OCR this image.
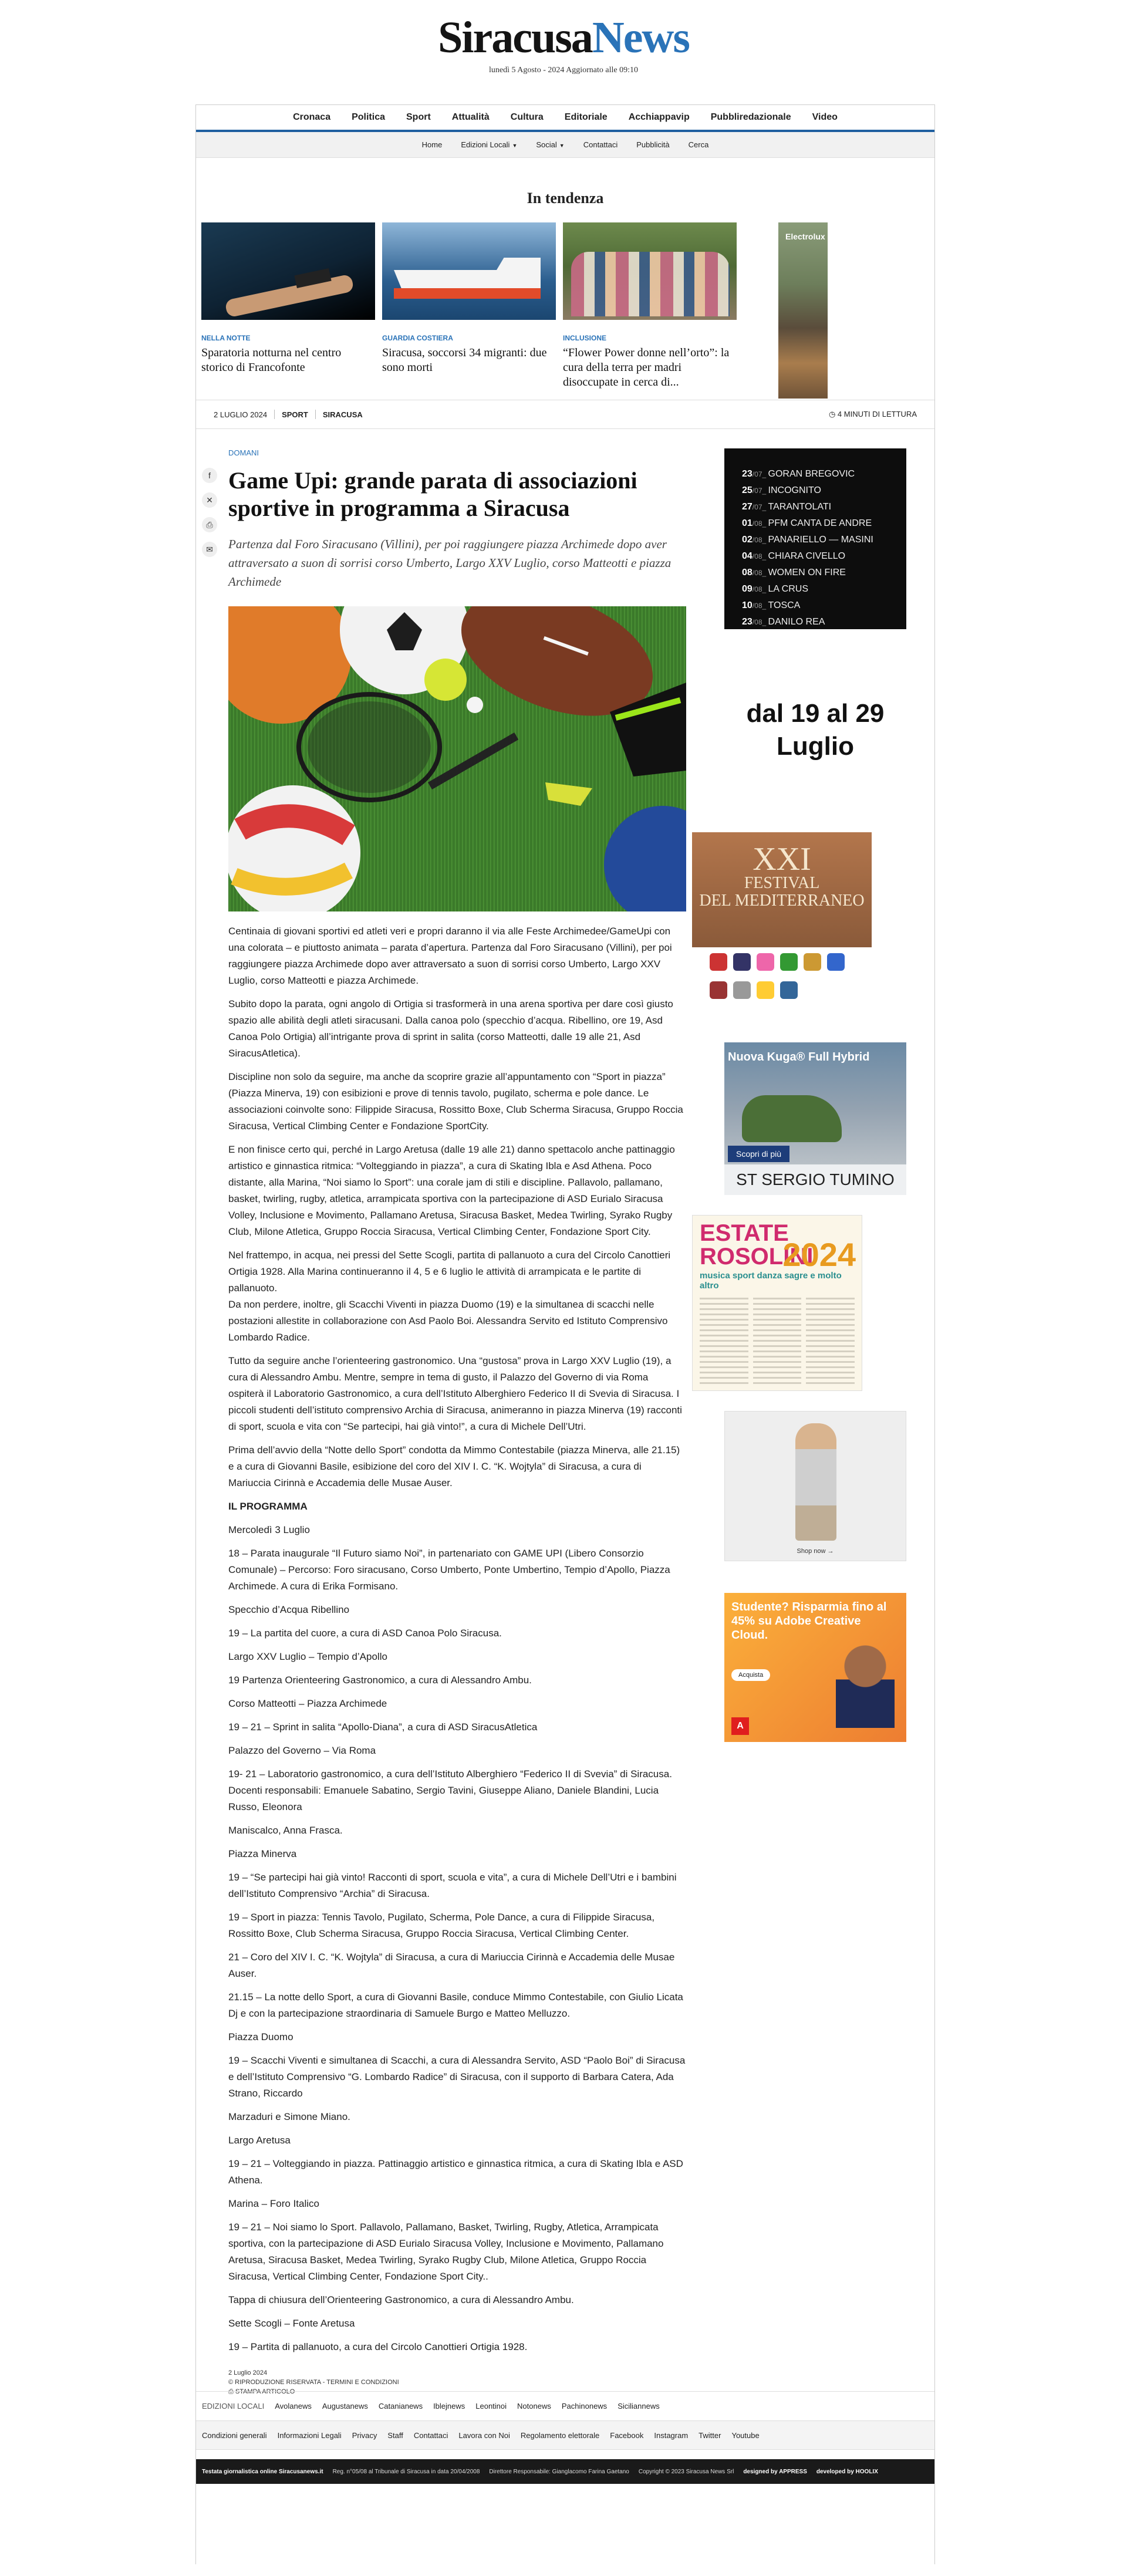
SiracusaNews
lunedì 5 Agosto - 2024 Aggiornato alle 09:10
Cronaca Politica Sport Attualità Cultura Editoriale Acchiappavip Pubbliredazionale Video
Home Edizioni Locali ▼ Social ▼ Contattaci Pubblicità Cerca
In tendenza
NELLA NOTTE
Sparatoria notturna nel centro storico di Francofonte
GUARDIA COSTIERA
Siracusa, soccorsi 34 migranti: due sono morti
INCLUSIONE
“Flower Power donne nell’orto”: la cura della terra per madri disoccupate in cerca di...
Electrolux
2 LUGLIO 2024 SPORT SIRACUSA	◷ 4 MINUTI DI LETTURA
f
✕
⎙
✉
DOMANI
Game Upi: grande parata di associazioni sportive in programma a Siracusa
Partenza dal Foro Siracusano (Villini), per poi raggiungere piazza Archimede dopo aver attraversato a suon di sorrisi corso Umberto, Largo XXV Luglio, corso Matteotti e piazza Archimede

Centinaia di giovani sportivi ed atleti veri e propri daranno il via alle Feste Archimedee/GameUpi con una colorata – e piuttosto animata – parata d’apertura. Partenza dal Foro Siracusano (Villini), per poi raggiungere piazza Archimede dopo aver attraversato a suon di sorrisi corso Umberto, Largo XXV Luglio, corso Matteotti e piazza Archimede.

Subito dopo la parata, ogni angolo di Ortigia si trasformerà in una arena sportiva per dare così giusto spazio alle abilità degli atleti siracusani. Dalla canoa polo (specchio d’acqua. Ribellino, ore 19, Asd Canoa Polo Ortigia) all’intrigante prova di sprint in salita (corso Matteotti, dalle 19 alle 21, Asd SiracusAtletica).

Discipline non solo da seguire, ma anche da scoprire grazie all’appuntamento con “Sport in piazza” (Piazza Minerva, 19) con esibizioni e prove di tennis tavolo, pugilato, scherma e pole dance. Le associazioni coinvolte sono: Filippide Siracusa, Rossitto Boxe, Club Scherma Siracusa, Gruppo Roccia Siracusa, Vertical Climbing Center e Fondazione SportCity.

E non finisce certo qui, perché in Largo Aretusa (dalle 19 alle 21) danno spettacolo anche pattinaggio artistico e ginnastica ritmica: “Volteggiando in piazza”, a cura di Skating Ibla e Asd Athena. Poco distante, alla Marina, “Noi siamo lo Sport”: una corale jam di stili e discipline. Pallavolo, pallamano, basket, twirling, rugby, atletica, arrampicata sportiva con la partecipazione di ASD Eurialo Siracusa Volley, Inclusione e Movimento, Pallamano Aretusa, Siracusa Basket, Medea Twirling, Syrako Rugby Club, Milone Atletica, Gruppo Roccia Siracusa, Vertical Climbing Center, Fondazione Sport City.

Nel frattempo, in acqua, nei pressi del Sette Scogli, partita di pallanuoto a cura del Circolo Canottieri Ortigia 1928. Alla Marina continueranno il 4, 5 e 6 luglio le attività di arrampicata e le partite di pallanuoto.
Da non perdere, inoltre, gli Scacchi Viventi in piazza Duomo (19) e la simultanea di scacchi nelle postazioni allestite in collaborazione con Asd Paolo Boi. Alessandra Servito ed Istituto Comprensivo Lombardo Radice.

Tutto da seguire anche l’orienteering gastronomico. Una “gustosa” prova in Largo XXV Luglio (19), a cura di Alessandro Ambu. Mentre, sempre in tema di gusto, il Palazzo del Governo di via Roma ospiterà il Laboratorio Gastronomico, a cura dell’Istituto Alberghiero Federico II di Svevia di Siracusa. I piccoli studenti dell’istituto comprensivo Archia di Siracusa, animeranno in piazza Minerva (19) racconti di sport, scuola e vita con “Se partecipi, hai già vinto!”, a cura di Michele Dell’Utri.

Prima dell’avvio della “Notte dello Sport” condotta da Mimmo Contestabile (piazza Minerva, alle 21.15) e a cura di Giovanni Basile, esibizione del coro del XIV I. C. “K. Wojtyla” di Siracusa, a cura di Mariuccia Cirinnà e Accademia delle Musae Auser.

IL PROGRAMMA

Mercoledì 3 Luglio

18 – Parata inaugurale “Il Futuro siamo Noi”, in partenariato con GAME UPI (Libero Consorzio Comunale) – Percorso: Foro siracusano, Corso Umberto, Ponte Umbertino, Tempio d’Apollo, Piazza Archimede. A cura di Erika Formisano.

Specchio d’Acqua Ribellino

19 – La partita del cuore, a cura di ASD Canoa Polo Siracusa.

Largo XXV Luglio – Tempio d’Apollo

19 Partenza Orienteering Gastronomico, a cura di Alessandro Ambu.

Corso Matteotti – Piazza Archimede

19 – 21 – Sprint in salita “Apollo-Diana”, a cura di ASD SiracusAtletica

Palazzo del Governo – Via Roma

19- 21 – Laboratorio gastronomico, a cura dell’Istituto Alberghiero “Federico II di Svevia” di Siracusa. Docenti responsabili: Emanuele Sabatino, Sergio Tavini, Giuseppe Aliano, Daniele Blandini, Lucia Russo, Eleonora

Maniscalco, Anna Frasca.

Piazza Minerva

19 – “Se partecipi hai già vinto! Racconti di sport, scuola e vita”, a cura di Michele Dell’Utri e i bambini dell’Istituto Comprensivo “Archia” di Siracusa.

19 – Sport in piazza: Tennis Tavolo, Pugilato, Scherma, Pole Dance, a cura di Filippide Siracusa, Rossitto Boxe, Club Scherma Siracusa, Gruppo Roccia Siracusa, Vertical Climbing Center.

21 – Coro del XIV I. C. “K. Wojtyla” di Siracusa, a cura di Mariuccia Cirinnà e Accademia delle Musae Auser.

21.15 – La notte dello Sport, a cura di Giovanni Basile, conduce Mimmo Contestabile, con Giulio Licata Dj e con la partecipazione straordinaria di Samuele Burgo e Matteo Melluzzo.

Piazza Duomo

19 – Scacchi Viventi e simultanea di Scacchi, a cura di Alessandra Servito, ASD “Paolo Boi” di Siracusa e dell’Istituto Comprensivo “G. Lombardo Radice” di Siracusa, con il supporto di Barbara Catera, Ada Strano, Riccardo

Marzaduri e Simone Miano.

Largo Aretusa

19 – 21 – Volteggiando in piazza. Pattinaggio artistico e ginnastica ritmica, a cura di Skating Ibla e ASD Athena.

Marina – Foro Italico

19 – 21 – Noi siamo lo Sport. Pallavolo, Pallamano, Basket, Twirling, Rugby, Atletica, Arrampicata sportiva, con la partecipazione di ASD Eurialo Siracusa Volley, Inclusione e Movimento, Pallamano Aretusa, Siracusa Basket, Medea Twirling, Syrako Rugby Club, Milone Atletica, Gruppo Roccia Siracusa, Vertical Climbing Center, Fondazione Sport City..

Tappa di chiusura dell’Orienteering Gastronomico, a cura di Alessandro Ambu.

Sette Scogli – Fonte Aretusa

19 – Partita di pallanuoto, a cura del Circolo Canottieri Ortigia 1928.

2 Luglio 2024
© RIPRODUZIONE RISERVATA - TERMINI E CONDIZIONI
⎙ STAMPA ARTICOLO
23/07_ GORAN BREGOVIC
25/07_ INCOGNITO
27/07_ TARANTOLATI
01/08_ PFM CANTA DE ANDRE
02/08_ PANARIELLO — MASINI
04/08_ CHIARA CIVELLO
08/08_ WOMEN ON FIRE
09/08_ LA CRUS
10/08_ TOSCA
23/08_ DANILO REA
dal 19 al 29 Luglio
XXI
FESTIVAL
DEL MEDITERRANEO
Nuova Kuga® Full Hybrid
Scopri di più
ST SERGIO TUMINO
ESTATE ROSOLINI
2024
musica sport danza sagre e molto altro
Shop now →
Studente? Risparmia fino al 45% su Adobe Creative Cloud.
Acquista
A
EDIZIONI LOCALI Avolanews Augustanews Catanianews Iblejnews Leontinoi Notonews Pachinonews Siciliannews
Condizioni generali Informazioni Legali Privacy Staff Contattaci Lavora con Noi Regolamento elettorale Facebook Instagram Twitter Youtube
Testata giornalistica online Siracusanews.it Reg. n°05/08 al Tribunale di Siracusa in data 20/04/2008 Direttore Responsabile: Gianglacomo Farina Gaetano Copyright © 2023 Siracusa News Srl designed by APPRESS developed by HOOLIX
